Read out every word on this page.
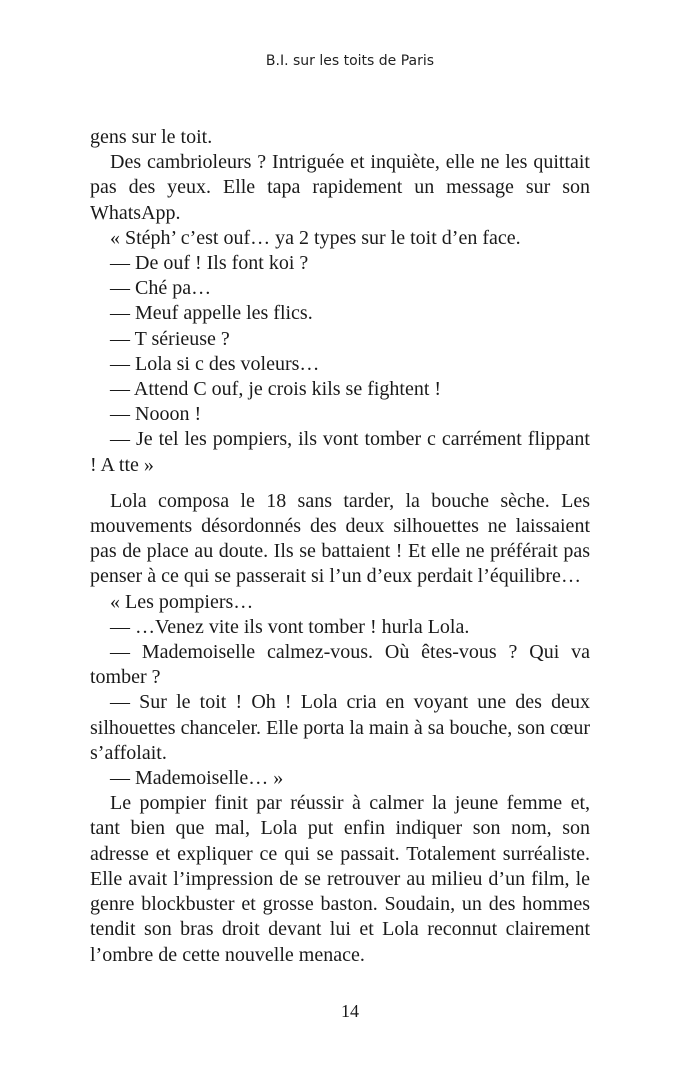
B.I. sur les toits de Paris

gens sur le toit.

Des cambrioleurs ? Intriguée et inquiète, elle ne les quittait pas des yeux. Elle tapa rapidement un message sur son WhatsApp.

« Stéph’ c’est ouf… ya 2 types sur le toit d’en face.

— De ouf ! Ils font koi ?

— Ché pa…

— Meuf appelle les flics.

— T sérieuse ?

— Lola si c des voleurs…

— Attend C ouf, je crois kils se fightent !

— Nooon !

— Je tel les pompiers, ils vont tomber c carrément flippant ! A tte »

Lola composa le 18 sans tarder, la bouche sèche. Les mouvements désordonnés des deux silhouettes ne laissaient pas de place au doute. Ils se battaient ! Et elle ne préférait pas penser à ce qui se passerait si l’un d’eux perdait l’équilibre…

« Les pompiers…

— …Venez vite ils vont tomber ! hurla Lola.

— Mademoiselle calmez-vous. Où êtes-vous ? Qui va tomber ?

— Sur le toit ! Oh ! Lola cria en voyant une des deux silhouettes chanceler. Elle porta la main à sa bouche, son cœur s’affolait.

— Mademoiselle… »

Le pompier finit par réussir à calmer la jeune femme et, tant bien que mal, Lola put enfin indiquer son nom, son adresse et expliquer ce qui se passait. Totalement surréaliste. Elle avait l’impression de se retrouver au milieu d’un film, le genre blockbuster et grosse baston. Soudain, un des hommes tendit son bras droit devant lui et Lola reconnut clairement l’ombre de cette nouvelle menace.

14
